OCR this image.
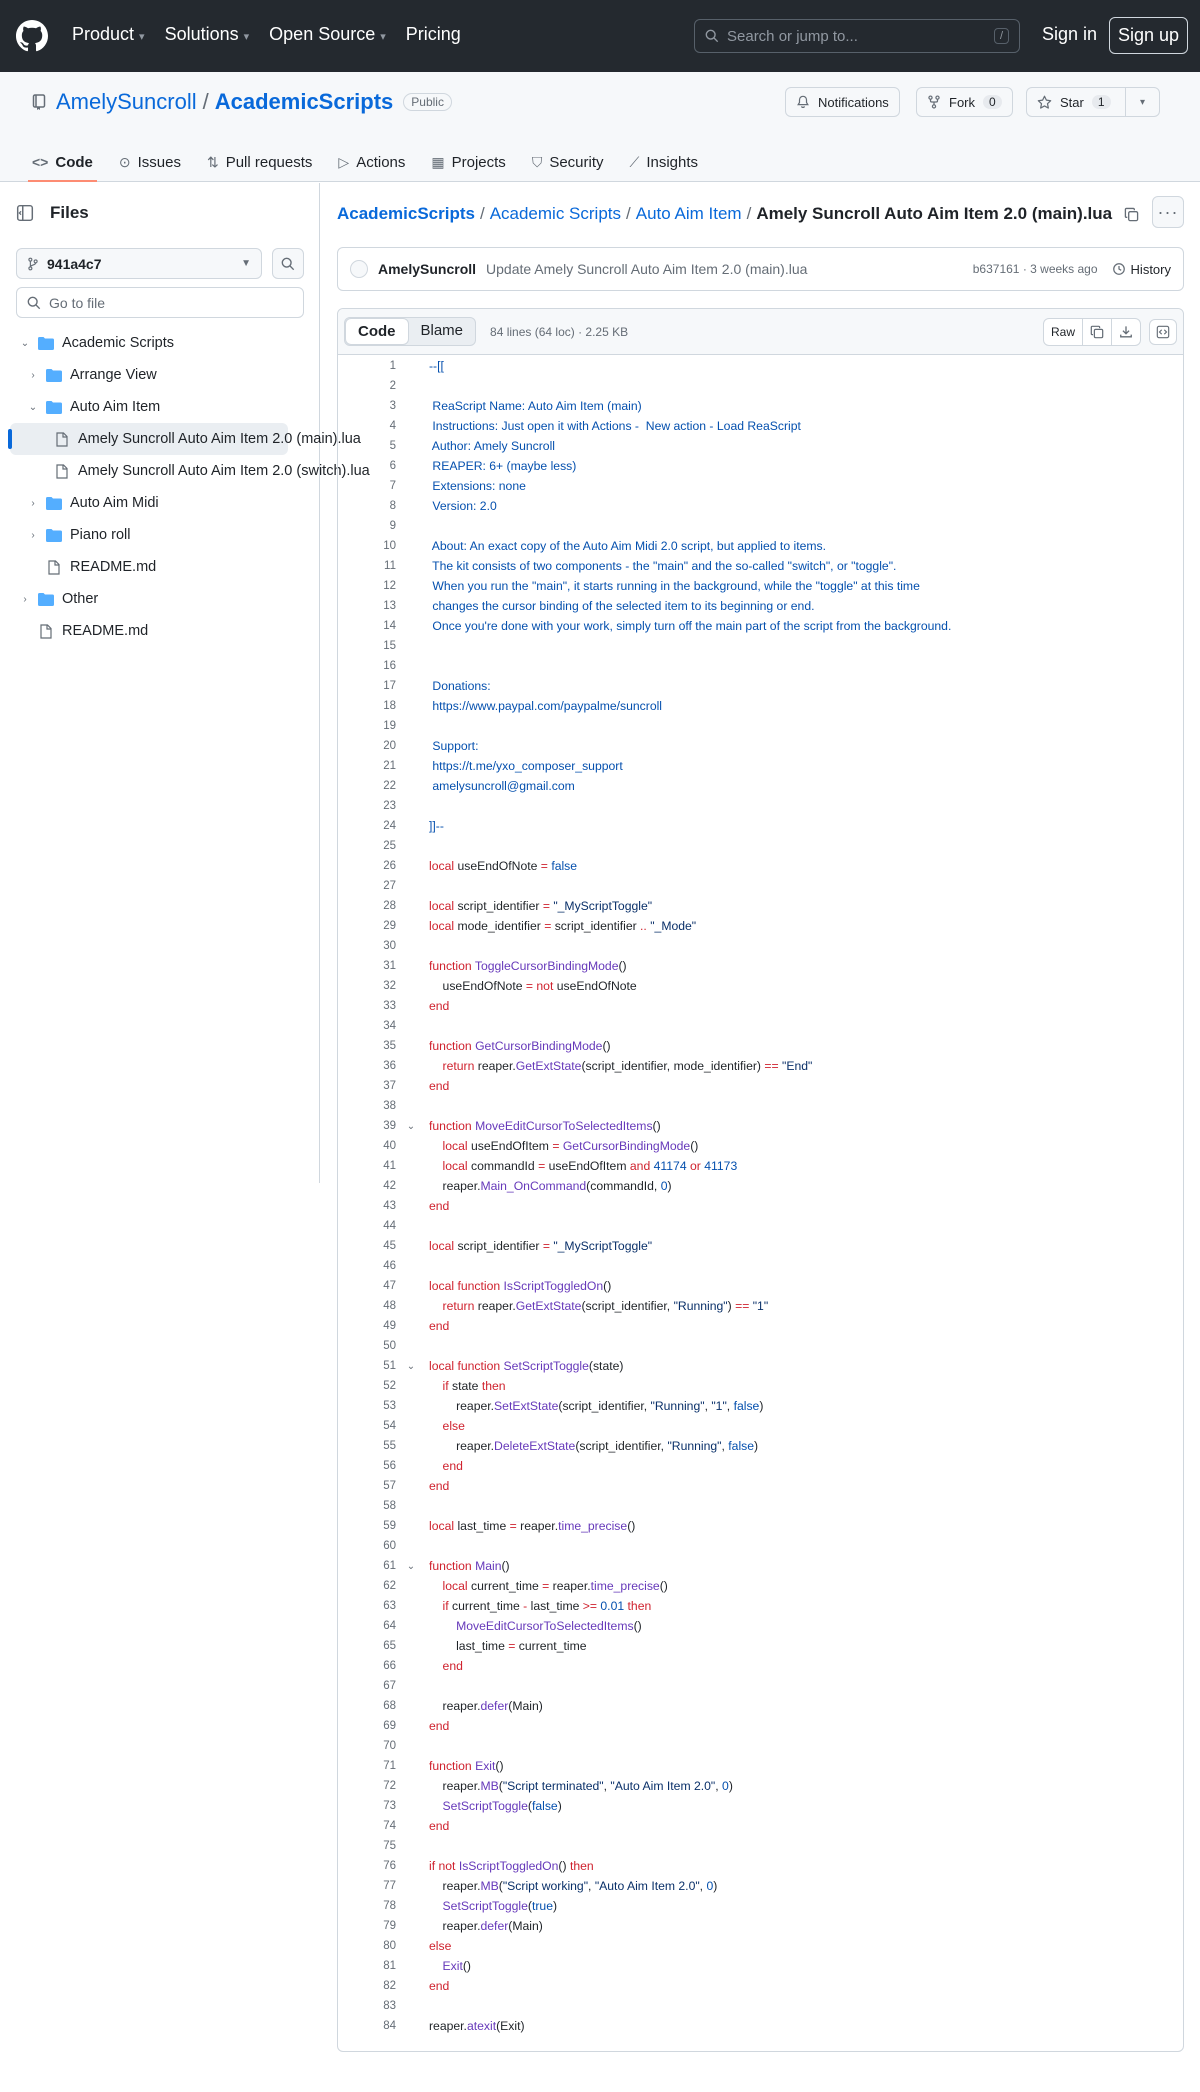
Product ▾ Solutions ▾ Open Source ▾ Pricing	Search or jump to...	/	Sign in	Sign up
AmelySuncroll / AcademicScripts	Public	Notifications	Fork	0	Star	1	▾
<> Code ⊙ Issues ⇅ Pull requests ▷ Actions ▦ Projects ⛉ Security ⟋ Insights
Files
941a4c7	▼
Go to file
⌄ Academic Scripts
›	Arrange View
⌄ Auto Aim Item
Amely Suncroll Auto Aim Item 2.0 (main).lua
Amely Suncroll Auto Aim Item 2.0 (switch).lua
›	Auto Aim Midi
›	Piano roll
README.md
›	Other
README.md
AcademicScripts / Academic Scripts / Auto Aim Item / Amely Suncroll Auto Aim Item 2.0 (main).lua	···
AmelySuncroll Update Amely Suncroll Auto Aim Item 2.0 (main).lua	b637161 · 3 weeks ago	History
Code	Blame	84 lines (64 loc) · 2.25 KB	Raw
1	--[[
2
3	ReaScript Name: Auto Aim Item (main)
4	Instructions: Just open it with Actions -  New action - Load ReaScript
5	Author: Amely Suncroll
6	REAPER: 6+ (maybe less)
7	Extensions: none
8	Version: 2.0
9
10	About: An exact copy of the Auto Aim Midi 2.0 script, but applied to items.
11	The kit consists of two components - the "main" and the so-called "switch", or "toggle".
12	When you run the "main", it starts running in the background, while the "toggle" at this time
13	changes the cursor binding of the selected item to its beginning or end.
14	Once you're done with your work, simply turn off the main part of the script from the background.
15
16
17	Donations:
18	https://www.paypal.com/paypalme/suncroll
19
20	Support:
21	https://t.me/yxo_composer_support
22	amelysuncroll@gmail.com
23
24	]]--
25
26	local useEndOfNote = false
27
28	local script_identifier = "_MyScriptToggle"
29	local mode_identifier = script_identifier .. "_Mode"
30
31	function ToggleCursorBindingMode()
32	useEndOfNote = not useEndOfNote
33	end
34
35	function GetCursorBindingMode()
36	return reaper.GetExtState(script_identifier, mode_identifier) == "End"
37	end
38
39	⌄	function MoveEditCursorToSelectedItems()
40	local useEndOfItem = GetCursorBindingMode()
41	local commandId = useEndOfItem and 41174 or 41173
42	reaper.Main_OnCommand(commandId, 0)
43	end
44
45	local script_identifier = "_MyScriptToggle"
46
47	local function IsScriptToggledOn()
48	return reaper.GetExtState(script_identifier, "Running") == "1"
49	end
50
51	⌄	local function SetScriptToggle(state)
52	if state then
53	reaper.SetExtState(script_identifier, "Running", "1", false)
54	else
55	reaper.DeleteExtState(script_identifier, "Running", false)
56	end
57	end
58
59	local last_time = reaper.time_precise()
60
61	⌄	function Main()
62	local current_time = reaper.time_precise()
63	if current_time - last_time >= 0.01 then
64	MoveEditCursorToSelectedItems()
65	last_time = current_time
66	end
67
68	reaper.defer(Main)
69	end
70
71	function Exit()
72	reaper.MB("Script terminated", "Auto Aim Item 2.0", 0)
73	SetScriptToggle(false)
74	end
75
76	if not IsScriptToggledOn() then
77	reaper.MB("Script working", "Auto Aim Item 2.0", 0)
78	SetScriptToggle(true)
79	reaper.defer(Main)
80	else
81	Exit()
82	end
83
84	reaper.atexit(Exit)
